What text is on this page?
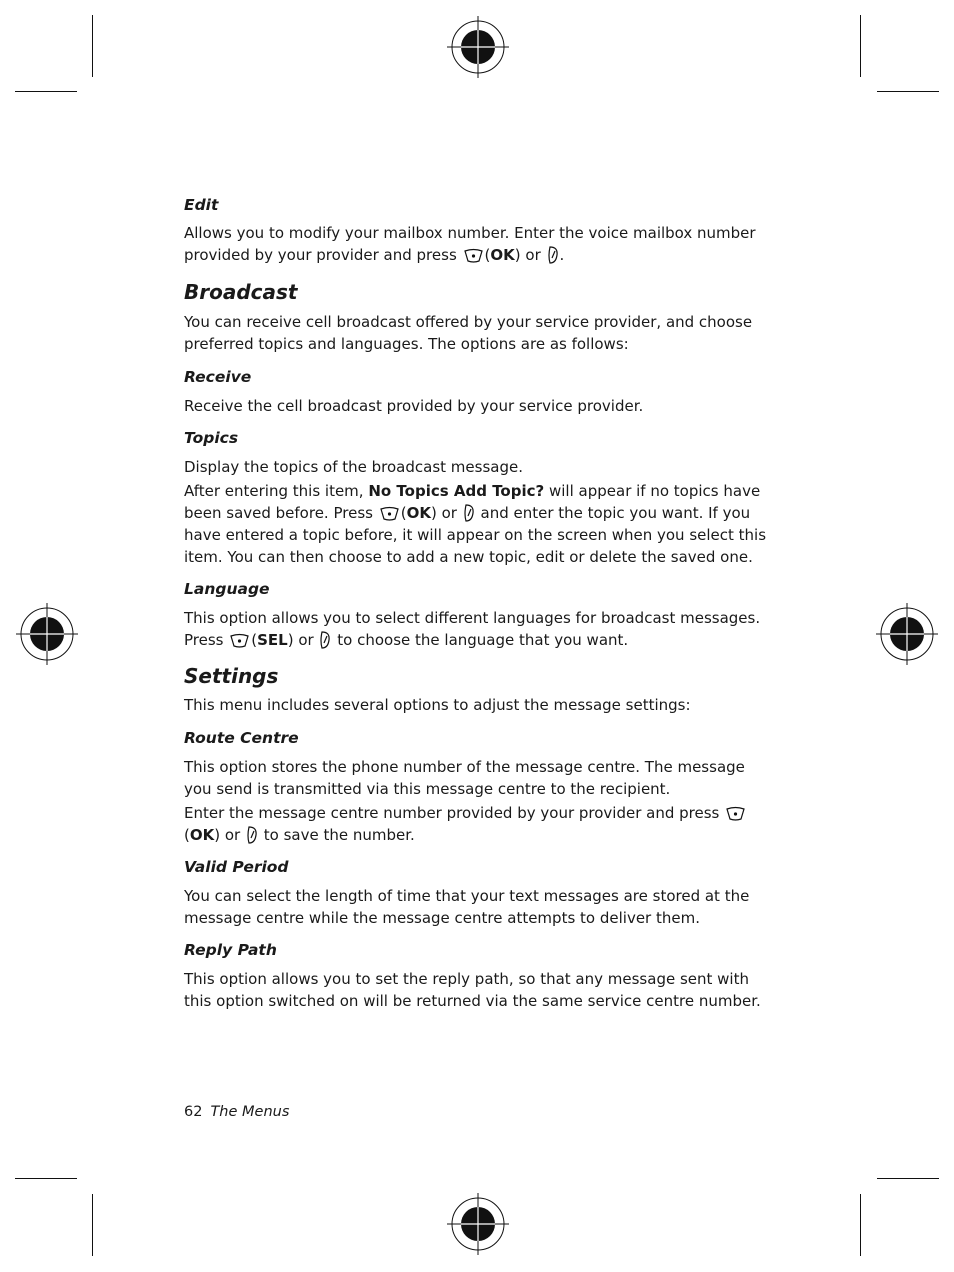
Edit

Allows you to modify your mailbox number. Enter the voice mailbox number provided by your provider and press (OK) or .

Broadcast

You can receive cell broadcast offered by your service provider, and choose preferred topics and languages. The options are as follows:

Receive

Receive the cell broadcast provided by your service provider.

Topics

Display the topics of the broadcast message.

After entering this item, No Topics Add Topic? will appear if no topics have been saved before. Press (OK) or and enter the topic you want. If you have entered a topic before, it will appear on the screen when you select this item. You can then choose to add a new topic, edit or delete the saved one.

Language

This option allows you to select different languages for broadcast messages. Press (SEL) or to choose the language that you want.

Settings

This menu includes several options to adjust the message settings:

Route Centre

This option stores the phone number of the message centre. The message you send is transmitted via this message centre to the recipient.

Enter the message centre number provided by your provider and press (OK) or to save the number.

Valid Period

You can select the length of time that your text messages are stored at the message centre while the message centre attempts to deliver them.

Reply Path

This option allows you to set the reply path, so that any message sent with this option switched on will be returned via the same service centre number.

62 The Menus
